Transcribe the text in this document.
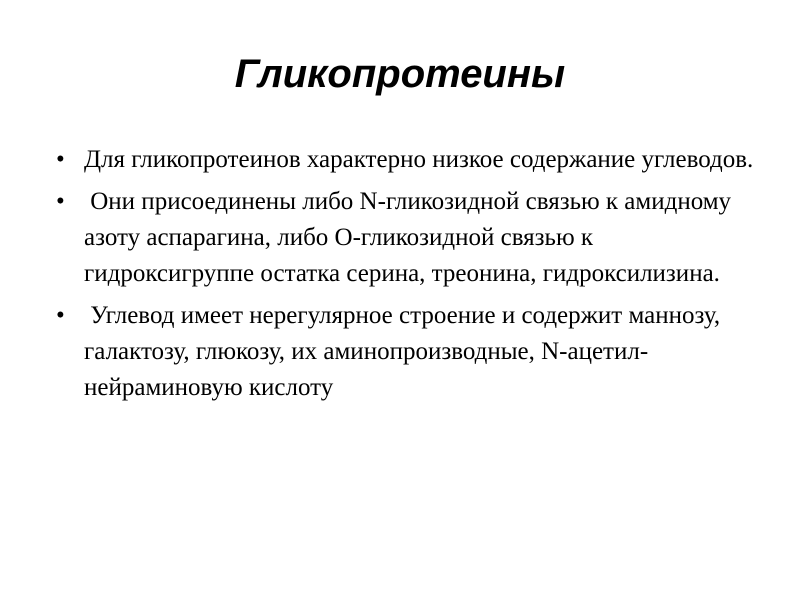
Гликопротеины
• Для гликопротеинов характерно низкое содержание углеводов.
• Они присоединены либо N-гликозидной связью к амидному азоту аспарагина, либо О-гликозидной связью к гидроксигруппе остатка серина, треонина, гидроксилизина.
• Углевод имеет нерегулярное строение и содержит маннозу, галактозу, глюкозу, их аминопроизводные, N-ацетил-нейраминовую кислоту
